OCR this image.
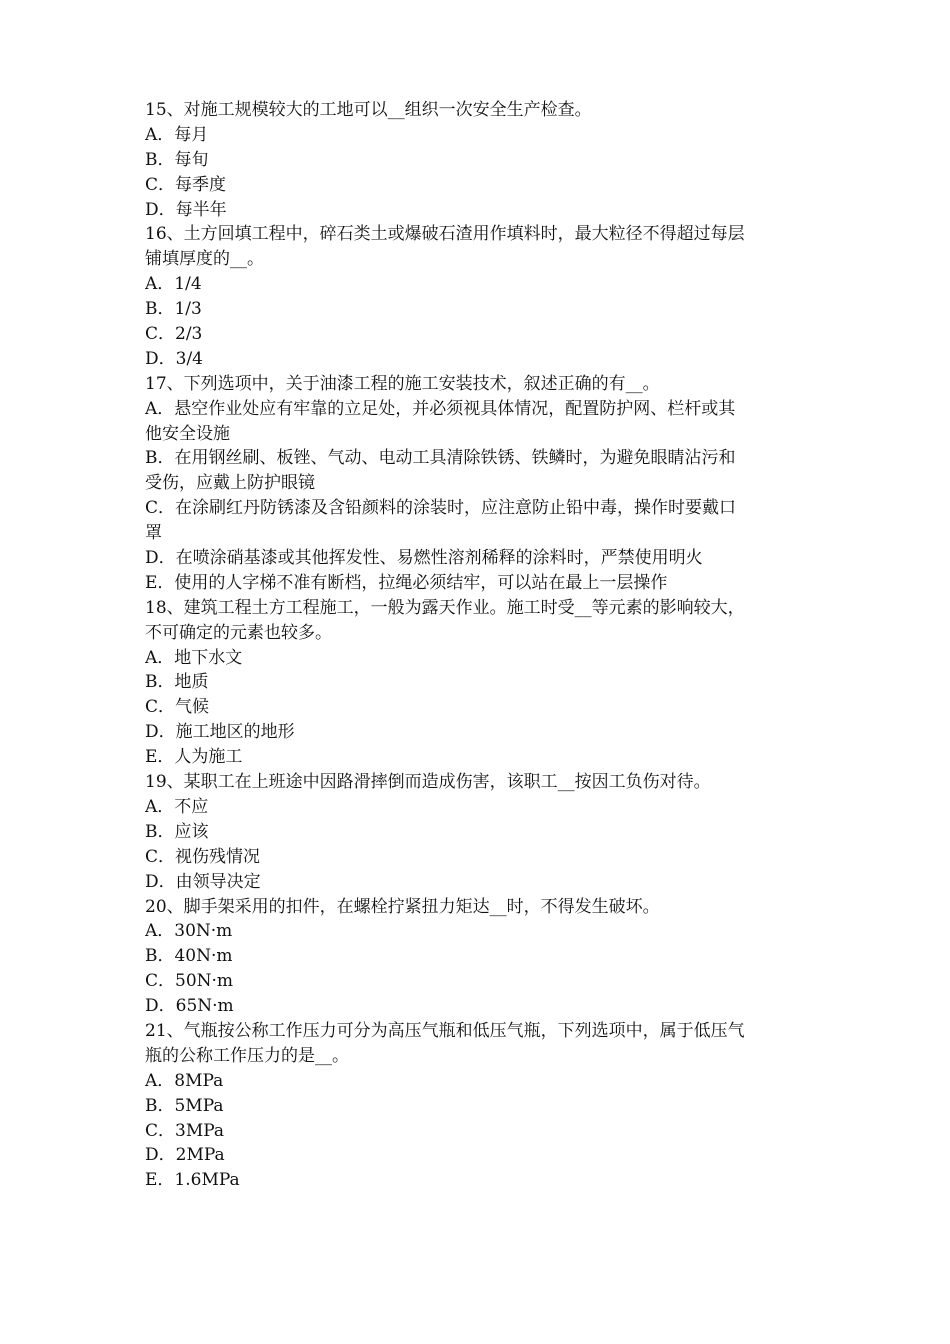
15、对施工规模较大的工地可以__组织一次安全生产检查。
A．每月
B．每旬
C．每季度
D．每半年
16、土方回填工程中，碎石类土或爆破石渣用作填料时，最大粒径不得超过每层
铺填厚度的__。
A．1/4
B．1/3
C．2/3
D．3/4
17、下列选项中，关于油漆工程的施工安装技术，叙述正确的有__。
A．悬空作业处应有牢靠的立足处，并必须视具体情况，配置防护网、栏杆或其
他安全设施
B．在用钢丝刷、板锉、气动、电动工具清除铁锈、铁鳞时，为避免眼睛沾污和
受伤，应戴上防护眼镜
C．在涂刷红丹防锈漆及含铅颜料的涂装时，应注意防止铅中毒，操作时要戴口
罩
D．在喷涂硝基漆或其他挥发性、易燃性溶剂稀释的涂料时，严禁使用明火
E．使用的人字梯不准有断档，拉绳必须结牢，可以站在最上一层操作
18、建筑工程土方工程施工，一般为露天作业。施工时受__等元素的影响较大，
不可确定的元素也较多。
A．地下水文
B．地质
C．气候
D．施工地区的地形
E．人为施工
19、某职工在上班途中因路滑摔倒而造成伤害，该职工__按因工负伤对待。
A．不应
B．应该
C．视伤残情况
D．由领导决定
20、脚手架采用的扣件，在螺栓拧紧扭力矩达__时，不得发生破坏。
A．30N·m
B．40N·m
C．50N·m
D．65N·m
21、气瓶按公称工作压力可分为高压气瓶和低压气瓶，下列选项中，属于低压气
瓶的公称工作压力的是__。
A．8MPa
B．5MPa
C．3MPa
D．2MPa
E．1.6MPa
